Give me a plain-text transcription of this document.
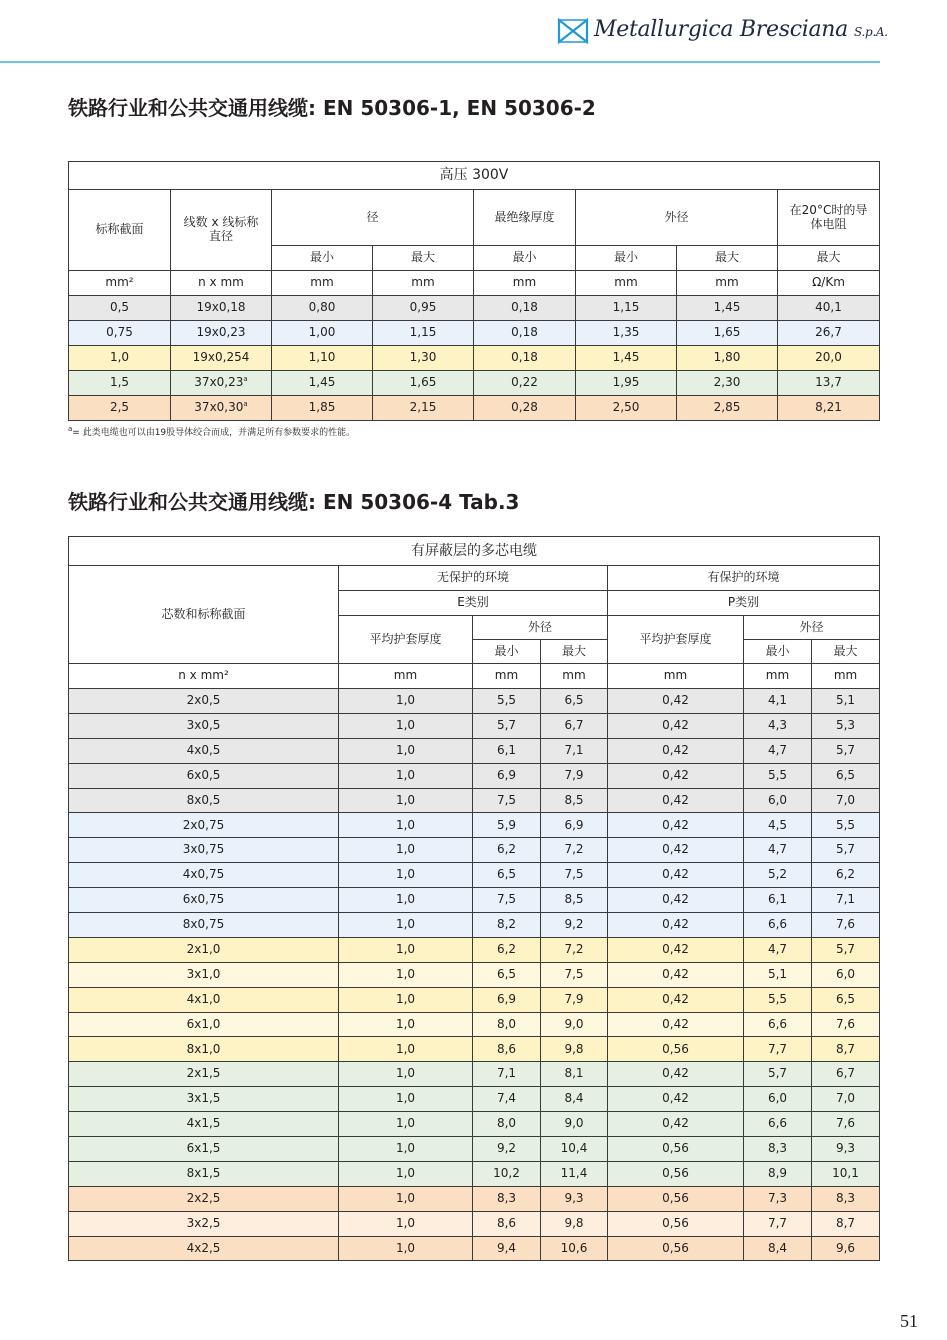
Metallurgica Bresciana S.p.A.
铁路行业和公共交通用线缆: EN 50306-1, EN 50306-2
高压 300V							
标称截面	线数 x 线标称直径	径		最绝缘厚度	外径		在20°C时的导体电阻
		最小	最大	最小	最小	最大	最大
mm²	n x mm	mm	mm	mm	mm	mm	Ω/Km
0,5	19x0,18	0,80	0,95	0,18	1,15	1,45	40,1
0,75	19x0,23	1,00	1,15	0,18	1,35	1,65	26,7
1,0	19x0,254	1,10	1,30	0,18	1,45	1,80	20,0
1,5	37x0,23$^a$	1,45	1,65	0,22	1,95	2,30	13,7
2,5	37x0,30$^a$	1,85	2,15	0,28	2,50	2,85	8,21
$^a$= 此类电缆也可以由19股导体绞合而成，并满足所有参数要求的性能。
铁路行业和公共交通用线缆: EN 50306-4 Tab.3
有屏蔽层的多芯电缆						
芯数和标称截面	无保护的环境			有保护的环境		
	E类别			P类别		
	平均护套厚度	外径		平均护套厚度	外径	
		最小	最大		最小	最大
n x mm²	mm	mm	mm	mm	mm	mm
2x0,5	1,0	5,5	6,5	0,42	4,1	5,1
3x0,5	1,0	5,7	6,7	0,42	4,3	5,3
4x0,5	1,0	6,1	7,1	0,42	4,7	5,7
6x0,5	1,0	6,9	7,9	0,42	5,5	6,5
8x0,5	1,0	7,5	8,5	0,42	6,0	7,0
2x0,75	1,0	5,9	6,9	0,42	4,5	5,5
3x0,75	1,0	6,2	7,2	0,42	4,7	5,7
4x0,75	1,0	6,5	7,5	0,42	5,2	6,2
6x0,75	1,0	7,5	8,5	0,42	6,1	7,1
8x0,75	1,0	8,2	9,2	0,42	6,6	7,6
2x1,0	1,0	6,2	7,2	0,42	4,7	5,7
3x1,0	1,0	6,5	7,5	0,42	5,1	6,0
4x1,0	1,0	6,9	7,9	0,42	5,5	6,5
6x1,0	1,0	8,0	9,0	0,42	6,6	7,6
8x1,0	1,0	8,6	9,8	0,56	7,7	8,7
2x1,5	1,0	7,1	8,1	0,42	5,7	6,7
3x1,5	1,0	7,4	8,4	0,42	6,0	7,0
4x1,5	1,0	8,0	9,0	0,42	6,6	7,6
6x1,5	1,0	9,2	10,4	0,56	8,3	9,3
8x1,5	1,0	10,2	11,4	0,56	8,9	10,1
2x2,5	1,0	8,3	9,3	0,56	7,3	8,3
3x2,5	1,0	8,6	9,8	0,56	7,7	8,7
4x2,5	1,0	9,4	10,6	0,56	8,4	9,6
51
